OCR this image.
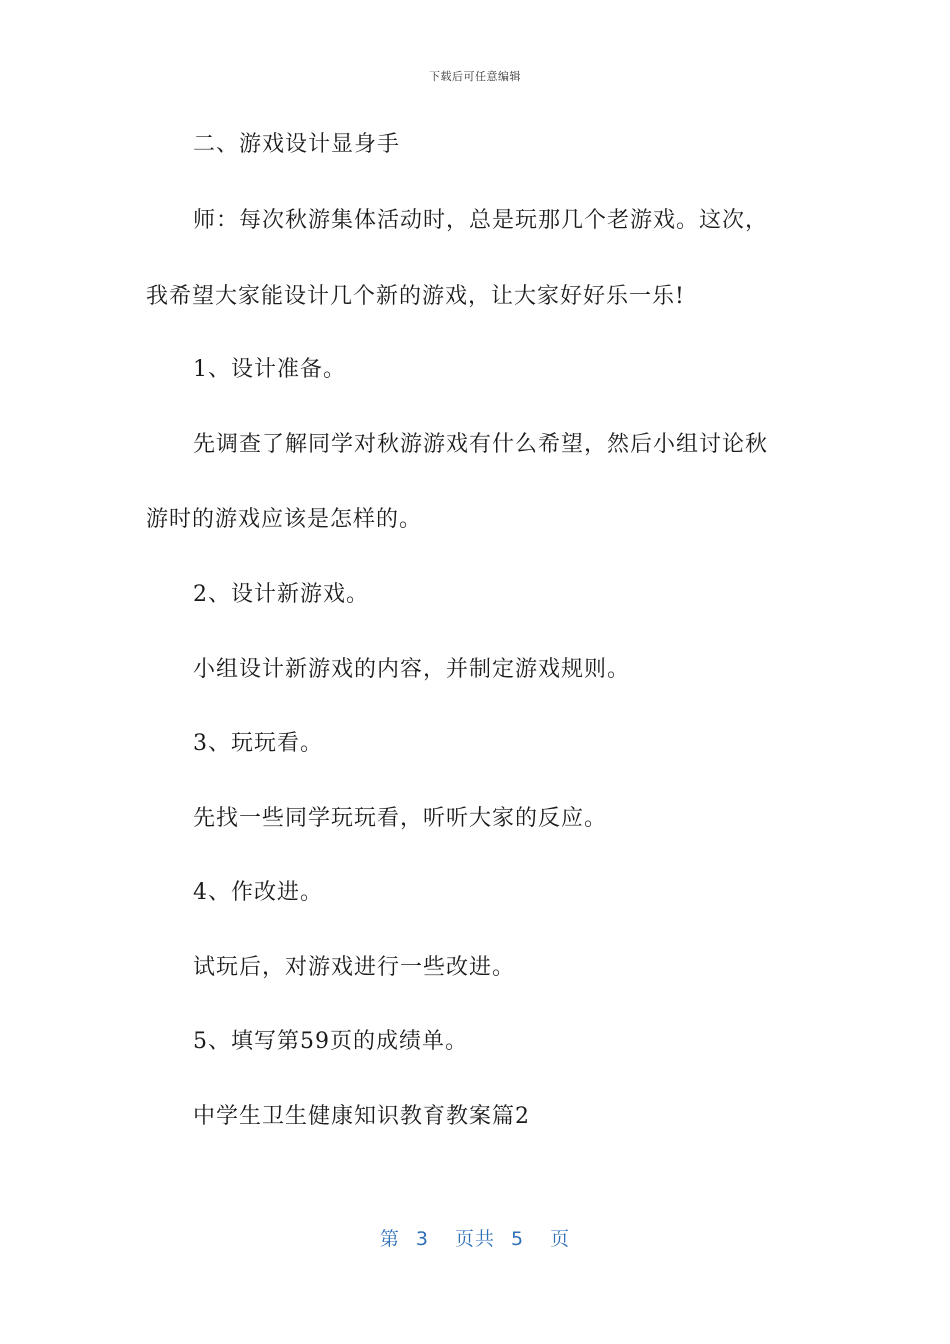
下载后可任意编辑
二、游戏设计显身手
师：每次秋游集体活动时，总是玩那几个老游戏。这次，
我希望大家能设计几个新的游戏，让大家好好乐一乐!
1、设计准备。
先调查了解同学对秋游游戏有什么希望，然后小组讨论秋
游时的游戏应该是怎样的。
2、设计新游戏。
小组设计新游戏的内容，并制定游戏规则。
3、玩玩看。
先找一些同学玩玩看，听听大家的反应。
4、作改进。
试玩后，对游戏进行一些改进。
5、填写第59页的成绩单。
中学生卫生健康知识教育教案篇2
第 3 页共 5 页
